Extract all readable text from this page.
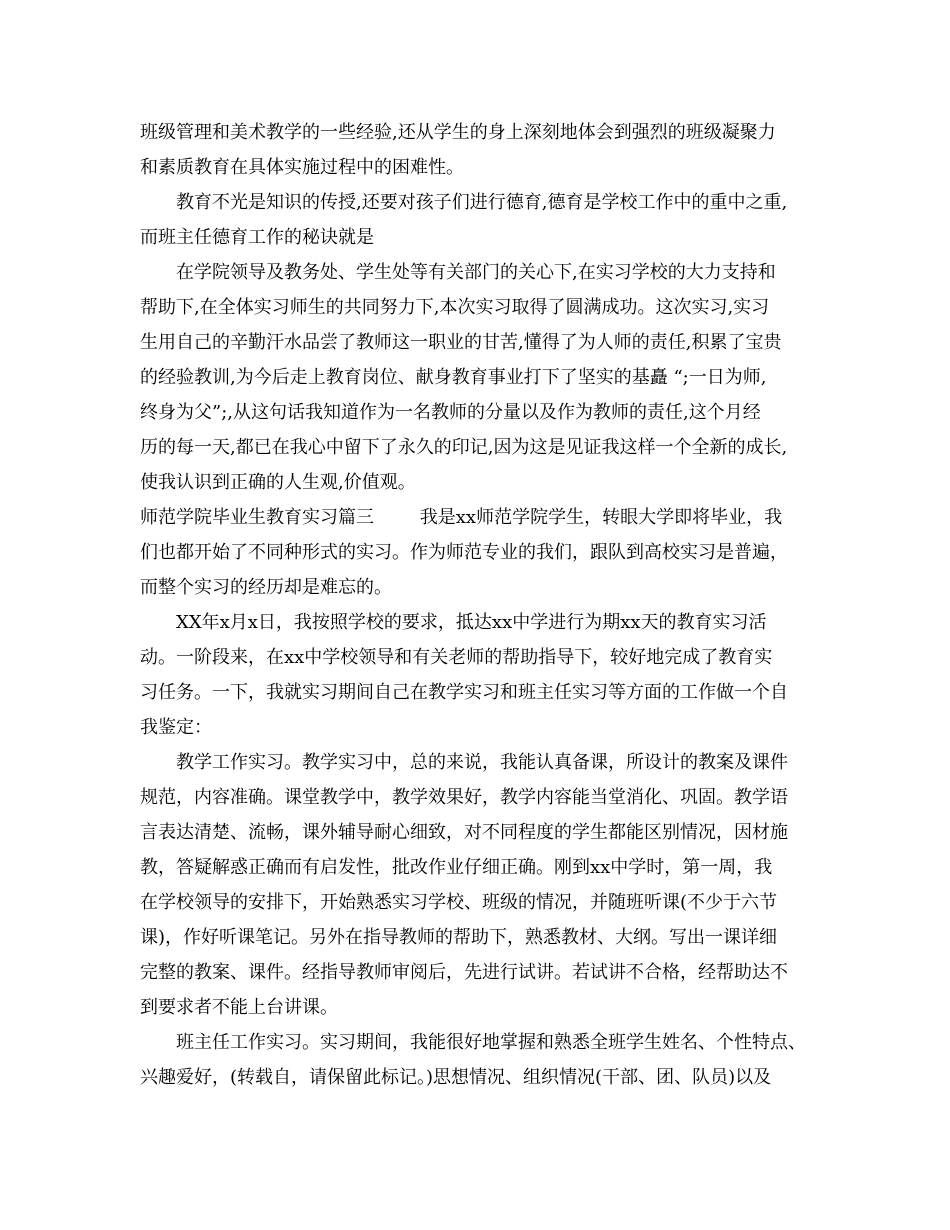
班级管理和美术教学的一些经验,还从学生的身上深刻地体会到强烈的班级凝聚力
和素质教育在具体实施过程中的困难性。
教育不光是知识的传授,还要对孩子们进行德育,德育是学校工作中的重中之重,
而班主任德育工作的秘诀就是
在学院领导及教务处、学生处等有关部门的关心下,在实习学校的大力支持和
帮助下,在全体实习师生的共同努力下,本次实习取得了圆满成功。这次实习,实习
生用自己的辛勤汗水品尝了教师这一职业的甘苦,懂得了为人师的责任,积累了宝贵
的经验教训,为今后走上教育岗位、献身教育事业打下了坚实的基矗 “;一日为师,
终身为父”;,从这句话我知道作为一名教师的分量以及作为教师的责任,这个月经
历的每一天,都已在我心中留下了永久的印记,因为这是见证我这样一个全新的成长,
使我认识到正确的人生观,价值观。
师范学院毕业生教育实习篇三        我是xx师范学院学生，转眼大学即将毕业，我
们也都开始了不同种形式的实习。作为师范专业的我们，跟队到高校实习是普遍，
而整个实习的经历却是难忘的。
XX年x月x日，我按照学校的要求，抵达xx中学进行为期xx天的教育实习活
动。一阶段来，在xx中学校领导和有关老师的帮助指导下，较好地完成了教育实
习任务。一下，我就实习期间自己在教学实习和班主任实习等方面的工作做一个自
我鉴定：
教学工作实习。教学实习中，总的来说，我能认真备课，所设计的教案及课件
规范，内容准确。课堂教学中，教学效果好，教学内容能当堂消化、巩固。教学语
言表达清楚、流畅，课外辅导耐心细致，对不同程度的学生都能区别情况，因材施
教，答疑解惑正确而有启发性，批改作业仔细正确。刚到xx中学时，第一周，我
在学校领导的安排下，开始熟悉实习学校、班级的情况，并随班听课(不少于六节
课)，作好听课笔记。另外在指导教师的帮助下，熟悉教材、大纲。写出一课详细
完整的教案、课件。经指导教师审阅后，先进行试讲。若试讲不合格，经帮助达不
到要求者不能上台讲课。
班主任工作实习。实习期间，我能很好地掌握和熟悉全班学生姓名、个性特点、
兴趣爱好，(转载自，请保留此标记。)思想情况、组织情况(干部、团、队员)以及
